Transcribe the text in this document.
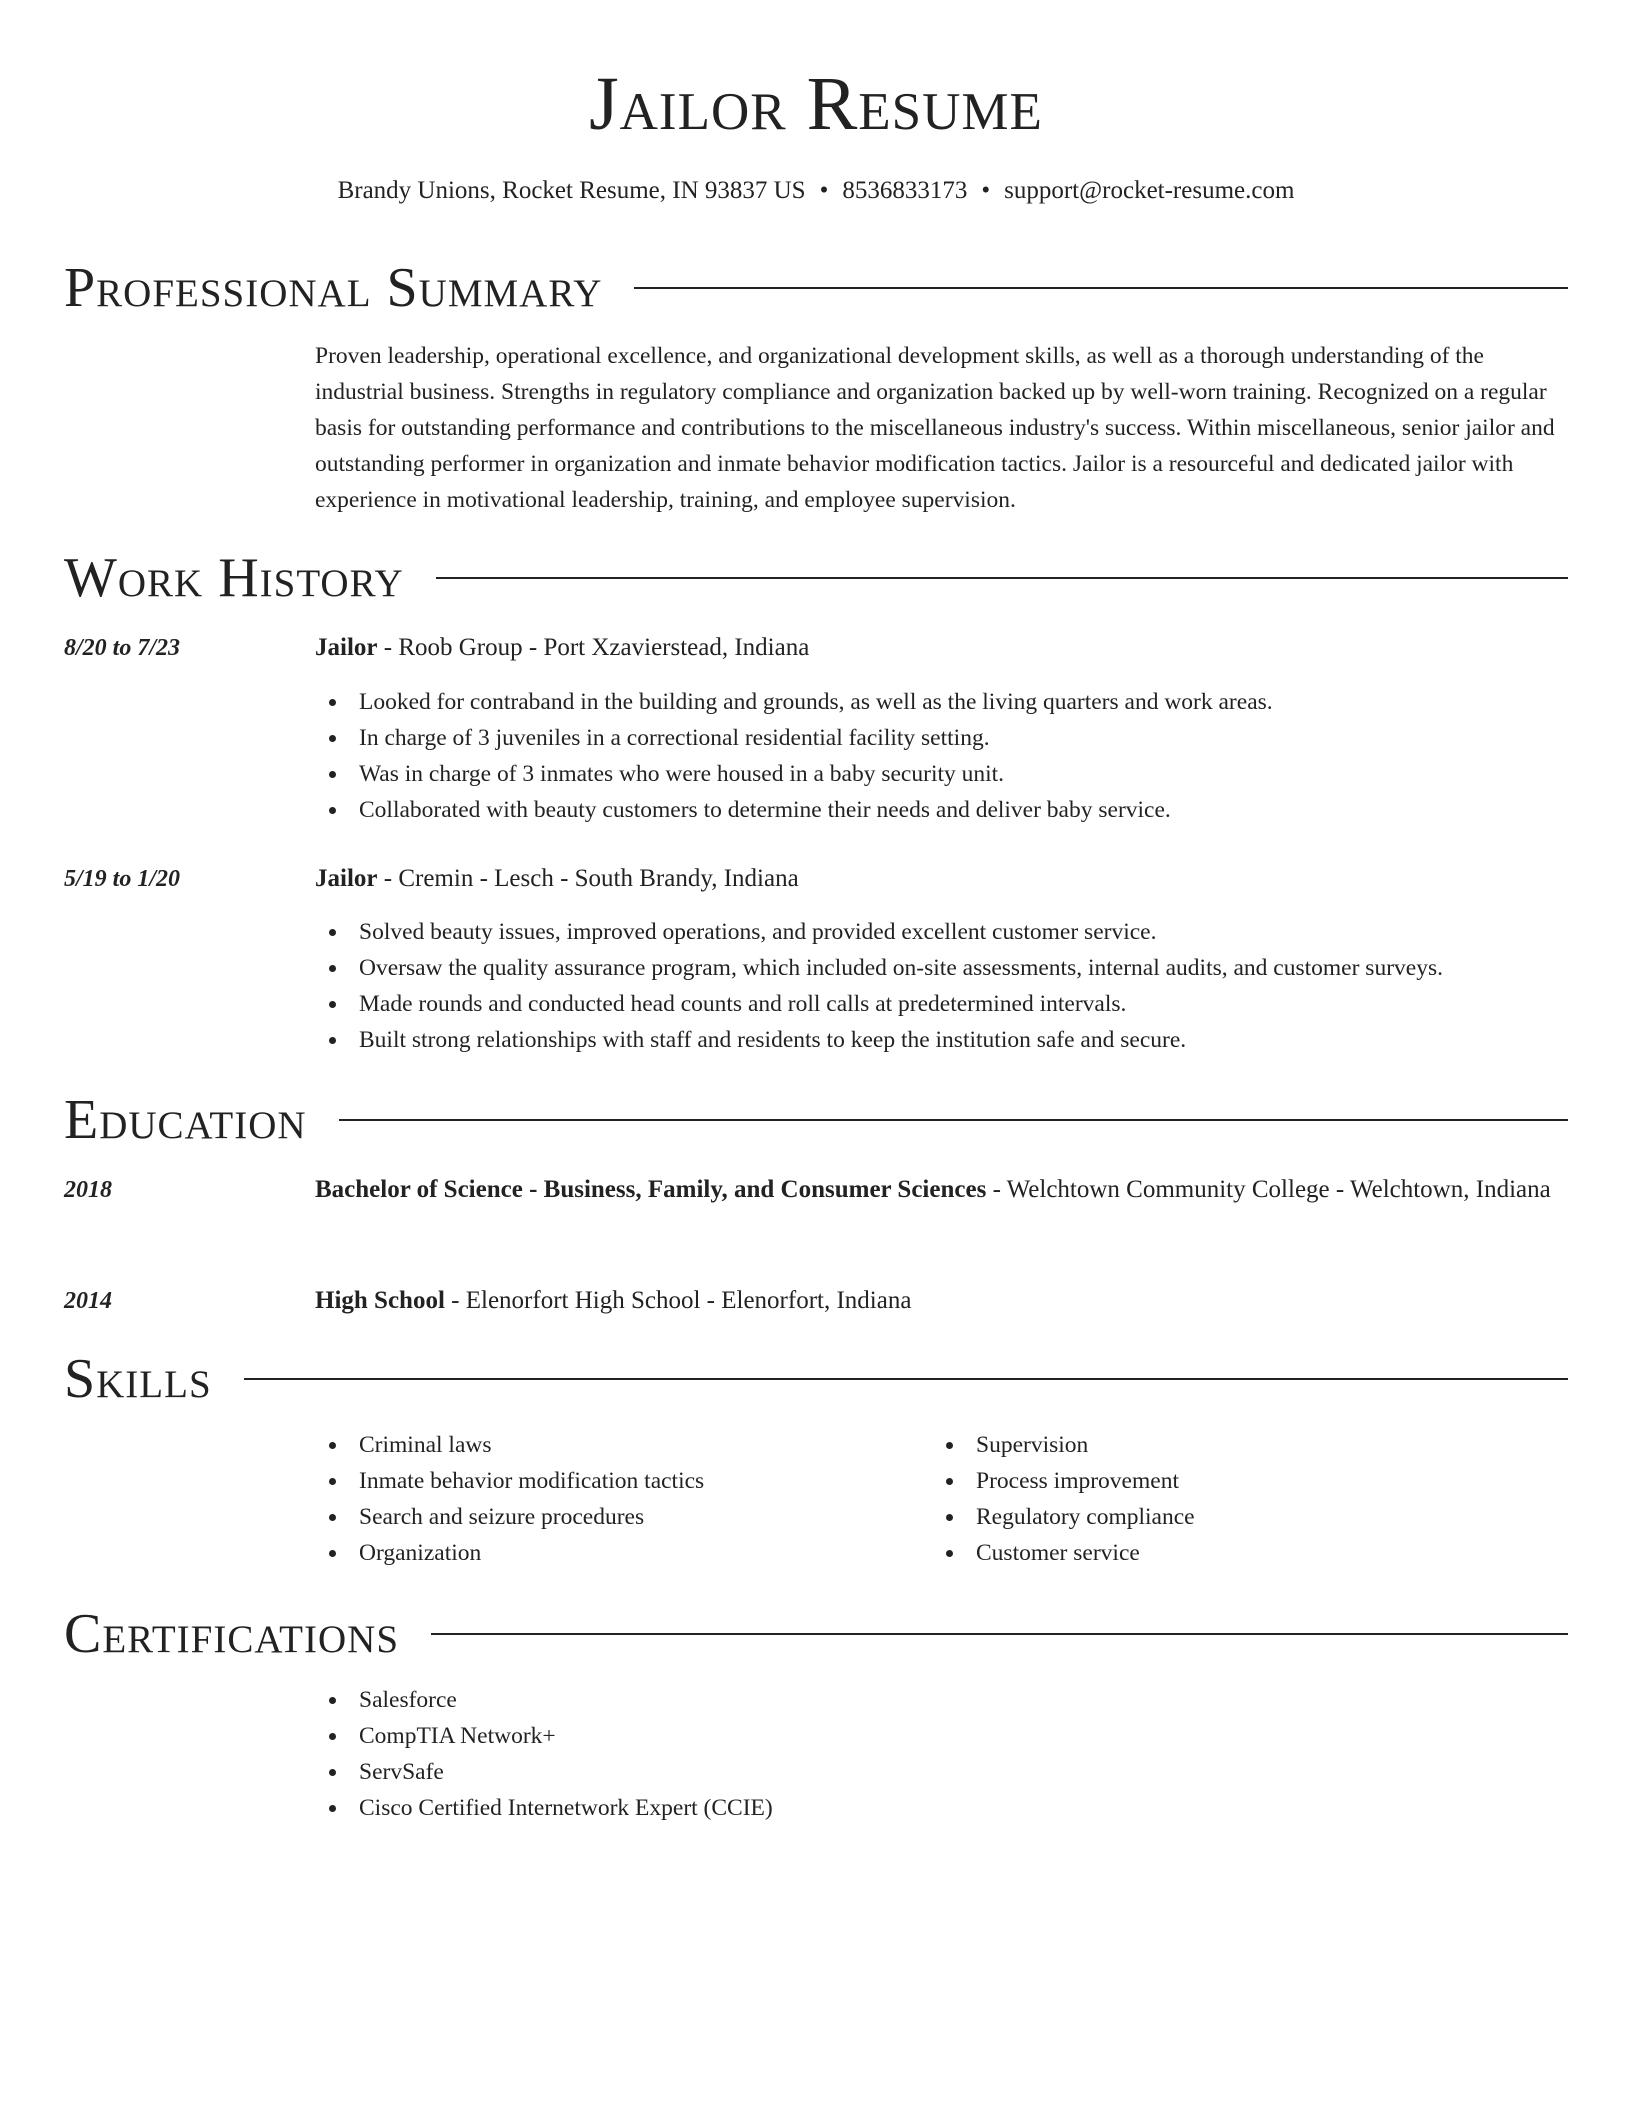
Jailor Resume
Brandy Unions, Rocket Resume, IN 93837 US • 8536833173 • support@rocket-resume.com
Professional Summary
Proven leadership, operational excellence, and organizational development skills, as well as a thorough understanding of the industrial business. Strengths in regulatory compliance and organization backed up by well-worn training. Recognized on a regular basis for outstanding performance and contributions to the miscellaneous industry's success. Within miscellaneous, senior jailor and outstanding performer in organization and inmate behavior modification tactics. Jailor is a resourceful and dedicated jailor with experience in motivational leadership, training, and employee supervision.
Work History
8/20 to 7/23	Jailor - Roob Group - Port Xzavierstead, Indiana
Looked for contraband in the building and grounds, as well as the living quarters and work areas.
In charge of 3 juveniles in a correctional residential facility setting.
Was in charge of 3 inmates who were housed in a baby security unit.
Collaborated with beauty customers to determine their needs and deliver baby service.
5/19 to 1/20	Jailor - Cremin - Lesch - South Brandy, Indiana
Solved beauty issues, improved operations, and provided excellent customer service.
Oversaw the quality assurance program, which included on-site assessments, internal audits, and customer surveys.
Made rounds and conducted head counts and roll calls at predetermined intervals.
Built strong relationships with staff and residents to keep the institution safe and secure.
Education
2018	Bachelor of Science - Business, Family, and Consumer Sciences - Welchtown Community College - Welchtown, Indiana
2014	High School - Elenorfort High School - Elenorfort, Indiana
Skills
Criminal laws
Inmate behavior modification tactics
Search and seizure procedures
Organization
Supervision
Process improvement
Regulatory compliance
Customer service
Certifications
Salesforce
CompTIA Network+
ServSafe
Cisco Certified Internetwork Expert (CCIE)
